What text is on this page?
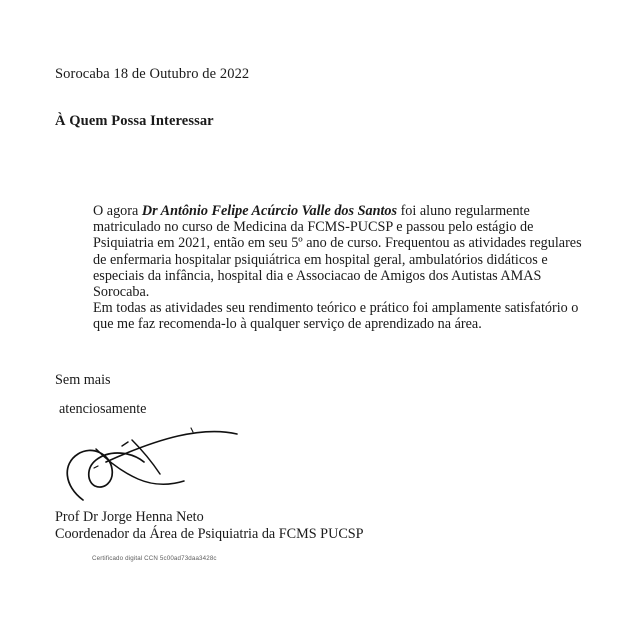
Sorocaba 18 de Outubro de 2022
À Quem Possa Interessar

O agora Dr Antônio Felipe Acúrcio Valle dos Santos foi aluno regularmente matriculado no curso de Medicina da FCMS-PUCSP e passou pelo estágio de Psiquiatria em 2021, então em seu 5º ano de curso. Frequentou as atividades regulares de enfermaria hospitalar psiquiátrica em hospital geral, ambulatórios didáticos e especiais da infância, hospital dia e Associacao de Amigos dos Autistas AMAS Sorocaba.

Em todas as atividades seu rendimento teórico e prático foi amplamente satisfatório o que me faz recomenda-lo à qualquer serviço de aprendizado na área.

Sem mais
atenciosamente
Prof Dr Jorge Henna Neto
Coordenador da Área de Psiquiatria da FCMS PUCSP
Certificado digital CCN 5c00ad73daa3428c
